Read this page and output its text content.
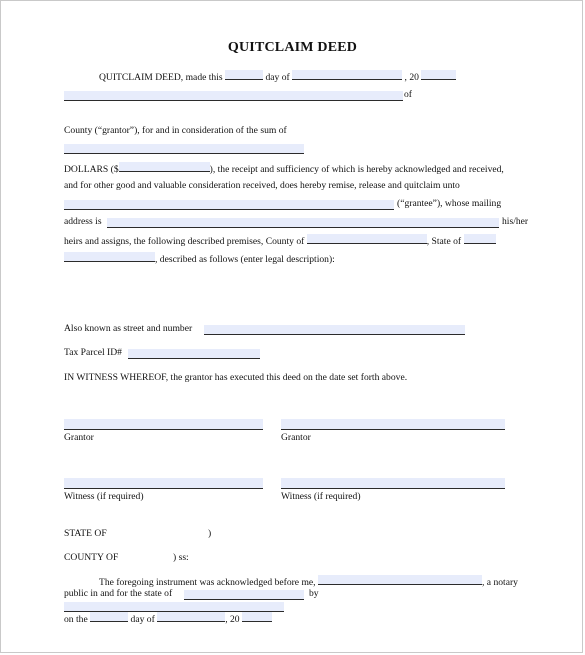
QUITCLAIM DEED
QUITCLAIM DEED, made this	day of	, 20
of
County (“grantor”), for and in consideration of the sum of
DOLLARS ($	), the receipt and sufficiency of which is hereby acknowledged and received,
and for other good and valuable consideration received, does hereby remise, release and quitclaim unto
(“grantee”), whose mailing
address is	his/her
heirs and assigns, the following described premises, County of	, State of
, described as follows (enter legal description):
Also known as street and number
Tax Parcel ID#
IN WITNESS WHEREOF, the grantor has executed this deed on the date set forth above.
Grantor	Grantor
Witness (if required)	Witness (if required)
STATE OF	)
COUNTY OF	) ss:
The foregoing instrument was acknowledged before me,	, a notary
public in and for the state of	by
on the	day of	, 20
